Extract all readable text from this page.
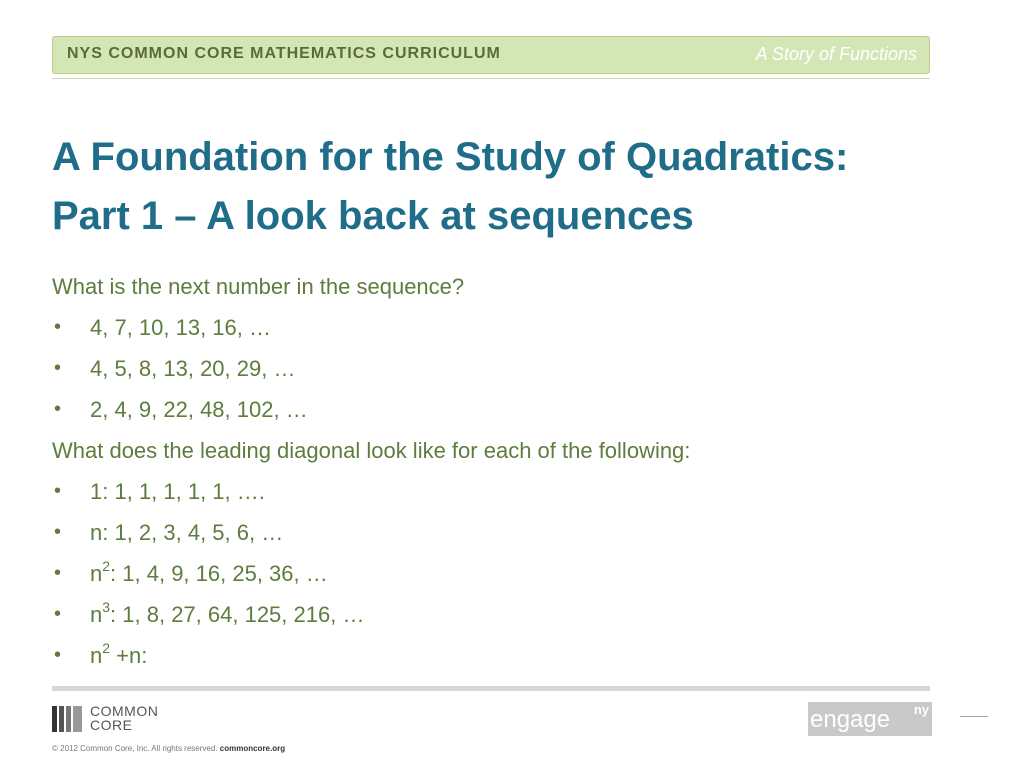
NYS COMMON CORE MATHEMATICS CURRICULUM	A Story of Functions
A Foundation for the Study of Quadratics:
Part 1 – A look back at sequences
What is the next number in the sequence?
• 4, 7, 10, 13, 16, …
• 4, 5, 8, 13, 20, 29, …
• 2, 4, 9, 22, 48, 102, …
What does the leading diagonal look like for each of the following:
• 1: 1, 1, 1, 1, 1, ….
• n: 1, 2, 3, 4, 5, 6, …
• $n^2$: 1, 4, 9, 16, 25, 36, …
• $n^3$: 1, 8, 27, 64, 125, 216, …
• $n^2 +n$:
COMMON
CORE
© 2012 Common Core, Inc. All rights reserved. commoncore.org
engage ny
